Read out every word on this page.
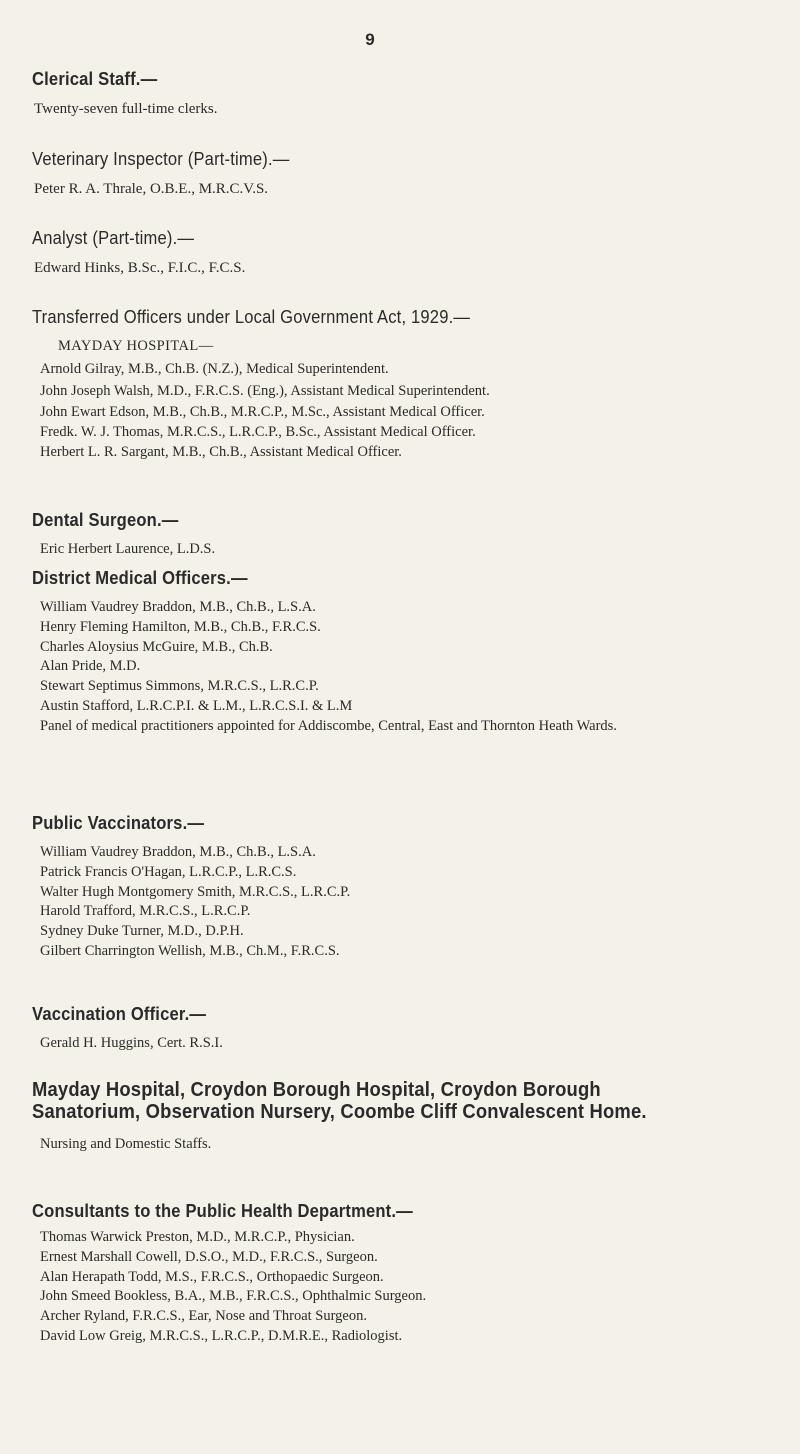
9
Clerical Staff.—
Twenty-seven full-time clerks.
Veterinary Inspector (Part-time).—
Peter R. A. Thrale, O.B.E., M.R.C.V.S.
Analyst (Part-time).—
Edward Hinks, B.Sc., F.I.C., F.C.S.
Transferred Officers under Local Government Act, 1929.—
MAYDAY HOSPITAL—
Arnold Gilray, M.B., Ch.B. (N.Z.), Medical Superintendent.
John Joseph Walsh, M.D., F.R.C.S. (Eng.), Assistant Medical Superintendent.
John Ewart Edson, M.B., Ch.B., M.R.C.P., M.Sc., Assistant Medical Officer.
Fredk. W. J. Thomas, M.R.C.S., L.R.C.P., B.Sc., Assistant Medical Officer.
Herbert L. R. Sargant, M.B., Ch.B., Assistant Medical Officer.
Dental Surgeon.—
Eric Herbert Laurence, L.D.S.
District Medical Officers.—
William Vaudrey Braddon, M.B., Ch.B., L.S.A.
Henry Fleming Hamilton, M.B., Ch.B., F.R.C.S.
Charles Aloysius McGuire, M.B., Ch.B.
Alan Pride, M.D.
Stewart Septimus Simmons, M.R.C.S., L.R.C.P.
Austin Stafford, L.R.C.P.I. & L.M., L.R.C.S.I. & L.M
Panel of medical practitioners appointed for Addiscombe, Central, East and Thornton Heath Wards.
Public Vaccinators.—
William Vaudrey Braddon, M.B., Ch.B., L.S.A.
Patrick Francis O'Hagan, L.R.C.P., L.R.C.S.
Walter Hugh Montgomery Smith, M.R.C.S., L.R.C.P.
Harold Trafford, M.R.C.S., L.R.C.P.
Sydney Duke Turner, M.D., D.P.H.
Gilbert Charrington Wellish, M.B., Ch.M., F.R.C.S.
Vaccination Officer.—
Gerald H. Huggins, Cert. R.S.I.
Mayday Hospital, Croydon Borough Hospital, Croydon Borough Sanatorium, Observation Nursery, Coombe Cliff Convalescent Home.
Nursing and Domestic Staffs.
Consultants to the Public Health Department.—
Thomas Warwick Preston, M.D., M.R.C.P., Physician.
Ernest Marshall Cowell, D.S.O., M.D., F.R.C.S., Surgeon.
Alan Herapath Todd, M.S., F.R.C.S., Orthopaedic Surgeon.
John Smeed Bookless, B.A., M.B., F.R.C.S., Ophthalmic Surgeon.
Archer Ryland, F.R.C.S., Ear, Nose and Throat Surgeon.
David Low Greig, M.R.C.S., L.R.C.P., D.M.R.E., Radiologist.
